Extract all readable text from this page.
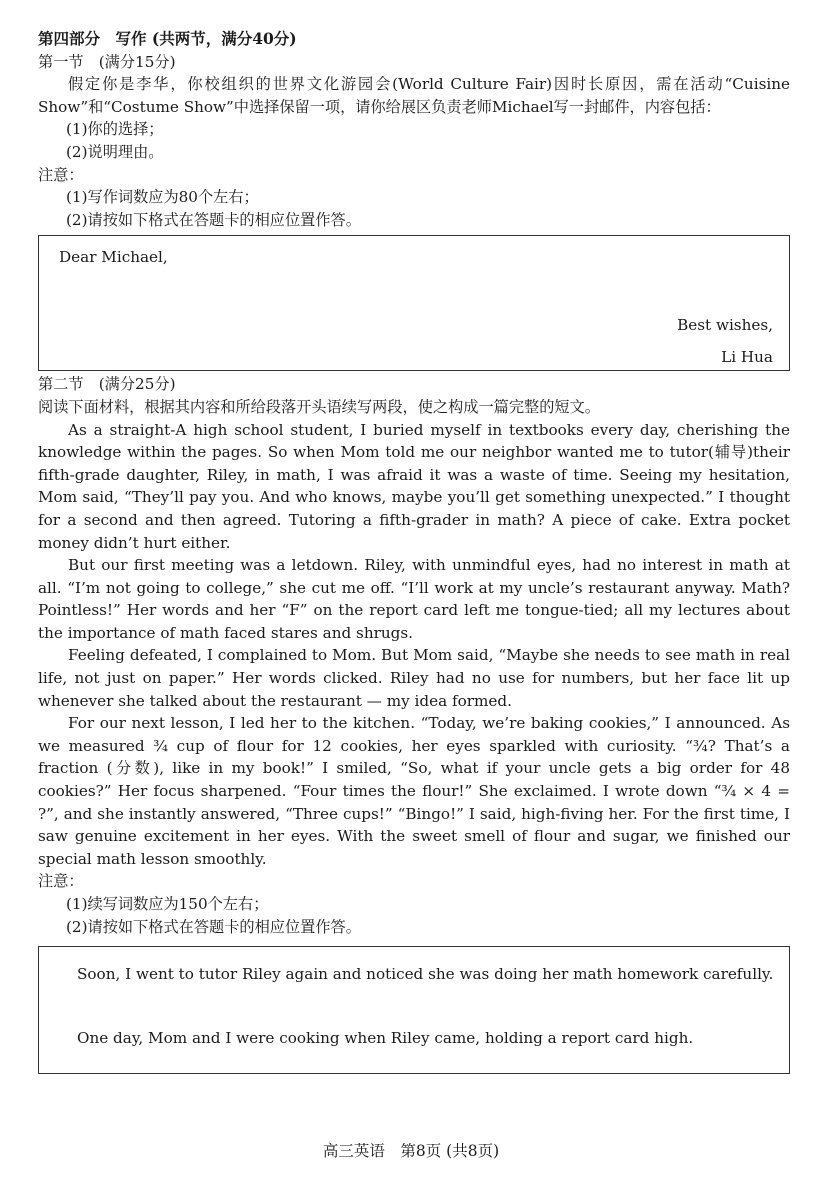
第四部分　写作 (共两节，满分40分)

第一节　(满分15分)

假定你是李华，你校组织的世界文化游园会(World Culture Fair)因时长原因，需在活动“Cuisine Show”和“Costume Show”中选择保留一项，请你给展区负责老师Michael写一封邮件，内容包括：

(1)你的选择；

(2)说明理由。

注意：

(1)写作词数应为80个左右；

(2)请按如下格式在答题卡的相应位置作答。

Dear Michael,
Best wishes,
Li Hua

第二节　(满分25分)

阅读下面材料，根据其内容和所给段落开头语续写两段，使之构成一篇完整的短文。

As a straight-A high school student, I buried myself in textbooks every day, cherishing the knowledge within the pages. So when Mom told me our neighbor wanted me to tutor(辅导)their fifth-grade daughter, Riley, in math, I was afraid it was a waste of time. Seeing my hesitation, Mom said, “They’ll pay you. And who knows, maybe you’ll get something unexpected.” I thought for a second and then agreed. Tutoring a fifth-grader in math? A piece of cake. Extra pocket money didn’t hurt either.

But our first meeting was a letdown. Riley, with unmindful eyes, had no interest in math at all. “I’m not going to college,” she cut me off. “I’ll work at my uncle’s restaurant anyway. Math? Pointless!” Her words and her “F” on the report card left me tongue-tied; all my lectures about the importance of math faced stares and shrugs.

Feeling defeated, I complained to Mom. But Mom said, “Maybe she needs to see math in real life, not just on paper.” Her words clicked. Riley had no use for numbers, but her face lit up whenever she talked about the restaurant — my idea formed.

For our next lesson, I led her to the kitchen. “Today, we’re baking cookies,” I announced. As we measured ¾ cup of flour for 12 cookies, her eyes sparkled with curiosity. “¾? That’s a fraction (分数), like in my book!” I smiled, “So, what if your uncle gets a big order for 48 cookies?” Her focus sharpened. “Four times the flour!” She exclaimed. I wrote down “¾ × 4 = ?”, and she instantly answered, “Three cups!” “Bingo!” I said, high-fiving her. For the first time, I saw genuine excitement in her eyes. With the sweet smell of flour and sugar, we finished our special math lesson smoothly.

注意：

(1)续写词数应为150个左右；

(2)请按如下格式在答题卡的相应位置作答。

Soon, I went to tutor Riley again and noticed she was doing her math homework carefully.
One day, Mom and I were cooking when Riley came, holding a report card high.
高三英语　第8页 (共8页)
